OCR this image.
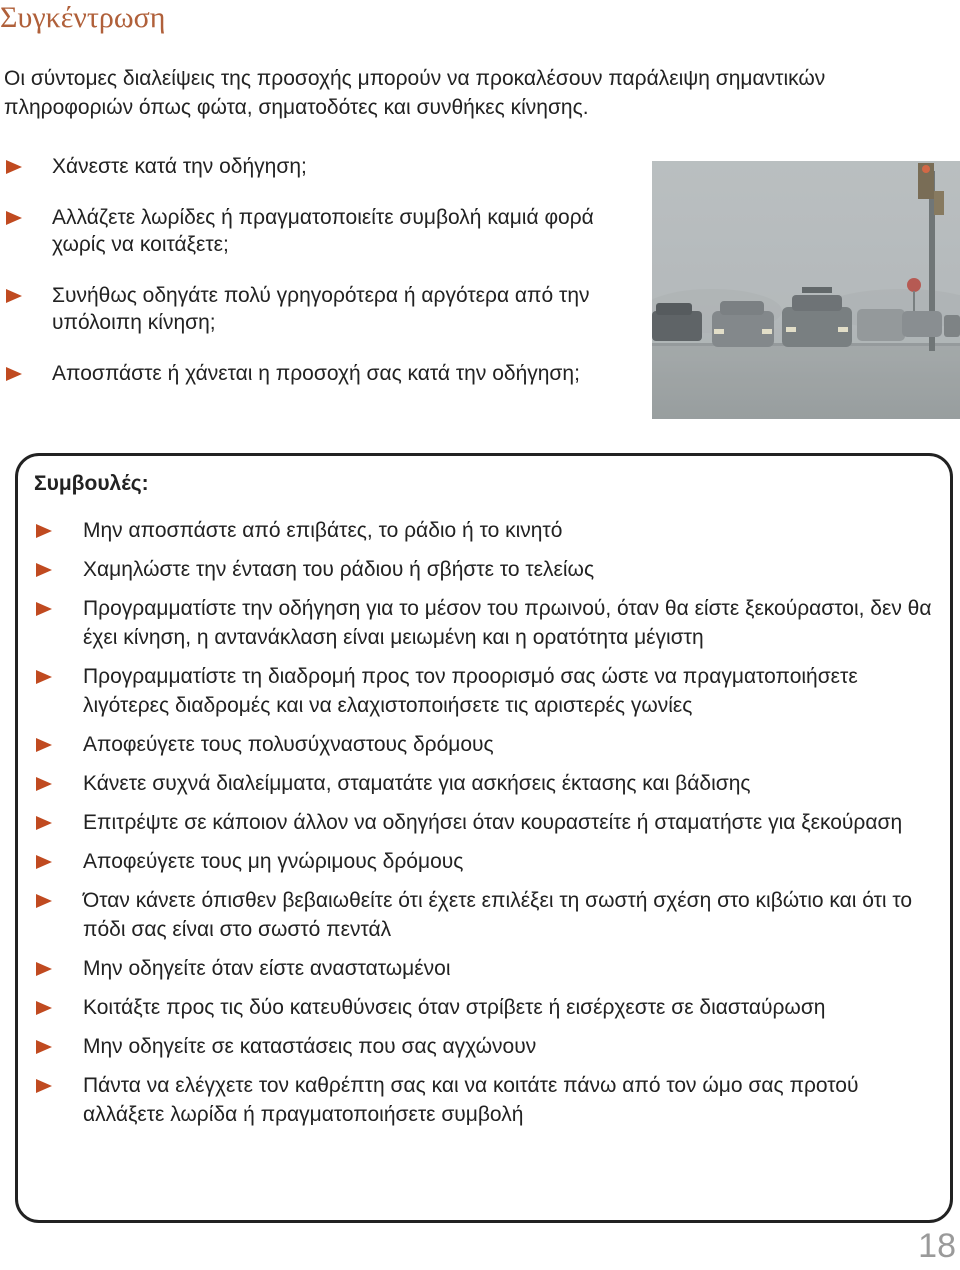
Συγκέντρωση
Οι σύντομες διαλείψεις της προσοχής μπορούν να προκαλέσουν παράλειψη σημαντικών πληροφοριών όπως φώτα, σηματοδότες και συνθήκες κίνησης.
Χάνεστε κατά την οδήγηση;
Αλλάζετε λωρίδες ή πραγματοποιείτε συμβολή καμιά φορά χωρίς να κοιτάξετε;
Συνήθως οδηγάτε πολύ γρηγορότερα ή αργότερα από την υπόλοιπη κίνηση;
Αποσπάστε ή χάνεται η προσοχή σας κατά την οδήγηση;
Συμβουλές:
Μην αποσπάστε από επιβάτες, το ράδιο ή το κινητό
Χαμηλώστε την ένταση του ράδιου ή σβήστε το τελείως
Προγραμματίστε την οδήγηση για το μέσον του πρωινού, όταν θα είστε ξεκούραστοι, δεν θα έχει κίνηση, η αντανάκλαση είναι μειωμένη και η ορατότητα μέγιστη
Προγραμματίστε τη διαδρομή προς τον προορισμό σας ώστε να πραγματοποιήσετε λιγότερες διαδρομές και να ελαχιστοποιήσετε τις αριστερές γωνίες
Αποφεύγετε τους πολυσύχναστους δρόμους
Κάνετε συχνά διαλείμματα, σταματάτε για ασκήσεις έκτασης και βάδισης
Επιτρέψτε σε κάποιον άλλον να οδηγήσει όταν κουραστείτε ή σταματήστε για ξεκούραση
Αποφεύγετε τους μη γνώριμους δρόμους
Όταν κάνετε όπισθεν βεβαιωθείτε ότι έχετε επιλέξει τη σωστή σχέση στο κιβώτιο και ότι το πόδι σας είναι στο σωστό πεντάλ
Μην οδηγείτε όταν είστε αναστατωμένοι
Κοιτάξτε προς τις δύο κατευθύνσεις όταν στρίβετε ή εισέρχεστε σε διασταύρωση
Μην οδηγείτε σε καταστάσεις που σας αγχώνουν
Πάντα να ελέγχετε τον καθρέπτη σας και να κοιτάτε πάνω από τον ώμο σας προτού αλλάξετε λωρίδα ή πραγματοποιήσετε συμβολή
18
